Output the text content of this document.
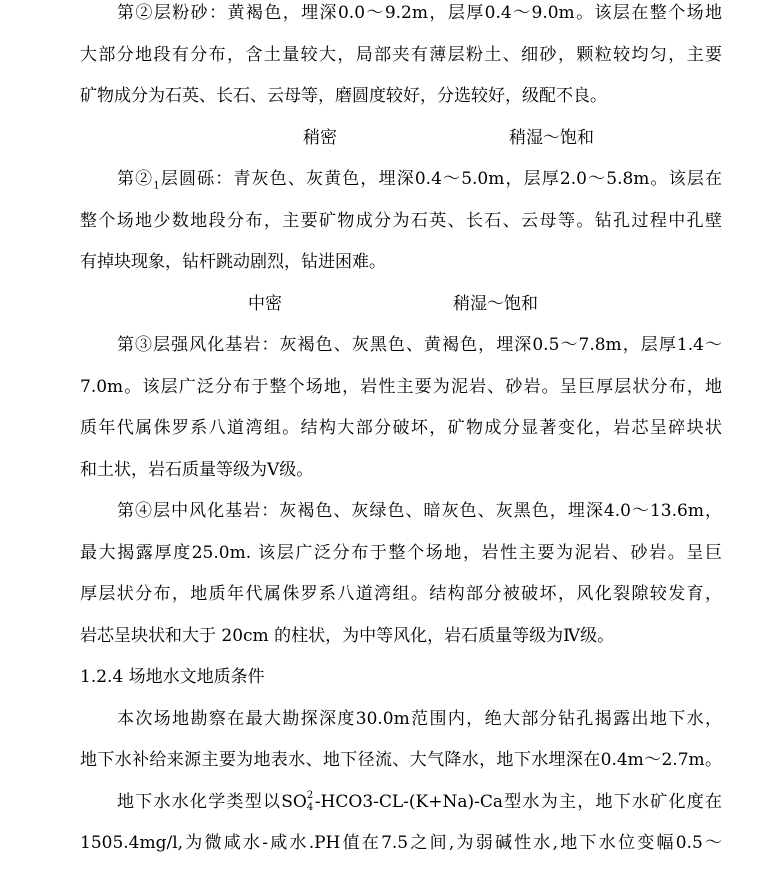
第②层粉砂：黄褐色，埋深0.0～9.2m，层厚0.4～9.0m。该层在整个场地
大部分地段有分布，含土量较大，局部夹有薄层粉土、细砂，颗粒较均匀，主要
矿物成分为石英、长石、云母等，磨圆度较好，分选较好，级配不良。
稍密	稍湿～饱和
第$②_1$层圆砾：青灰色、灰黄色，埋深0.4～5.0m，层厚2.0～5.8m。该层在
整个场地少数地段分布，主要矿物成分为石英、长石、云母等。钻孔过程中孔壁
有掉块现象，钻杆跳动剧烈，钻进困难。
中密	稍湿～饱和
第③层强风化基岩：灰褐色、灰黑色、黄褐色，埋深0.5～7.8m，层厚1.4～
7.0m。该层广泛分布于整个场地，岩性主要为泥岩、砂岩。呈巨厚层状分布，地
质年代属侏罗系八道湾组。结构大部分破坏，矿物成分显著变化，岩芯呈碎块状
和土状，岩石质量等级为Ⅴ级。
第④层中风化基岩：灰褐色、灰绿色、暗灰色、灰黑色，埋深4.0～13.6m，
最大揭露厚度25.0m. 该层广泛分布于整个场地，岩性主要为泥岩、砂岩。呈巨
厚层状分布，地质年代属侏罗系八道湾组。结构部分被破坏，风化裂隙较发育，
岩芯呈块状和大于 20cm 的柱状，为中等风化，岩石质量等级为Ⅳ级。
1.2.4 场地水文地质条件
本次场地勘察在最大勘探深度30.0m范围内，绝大部分钻孔揭露出地下水，
地下水补给来源主要为地表水、地下径流、大气降水，地下水埋深在0.4m～2.7m。
地下水水化学类型以SO 2
4 -HCO3-CL-(K+Na)-Ca型水为主，地下水矿化度在
1505.4mg/l,为微咸水-咸水.PH值在7.5之间,为弱碱性水,地下水位变幅0.5～
